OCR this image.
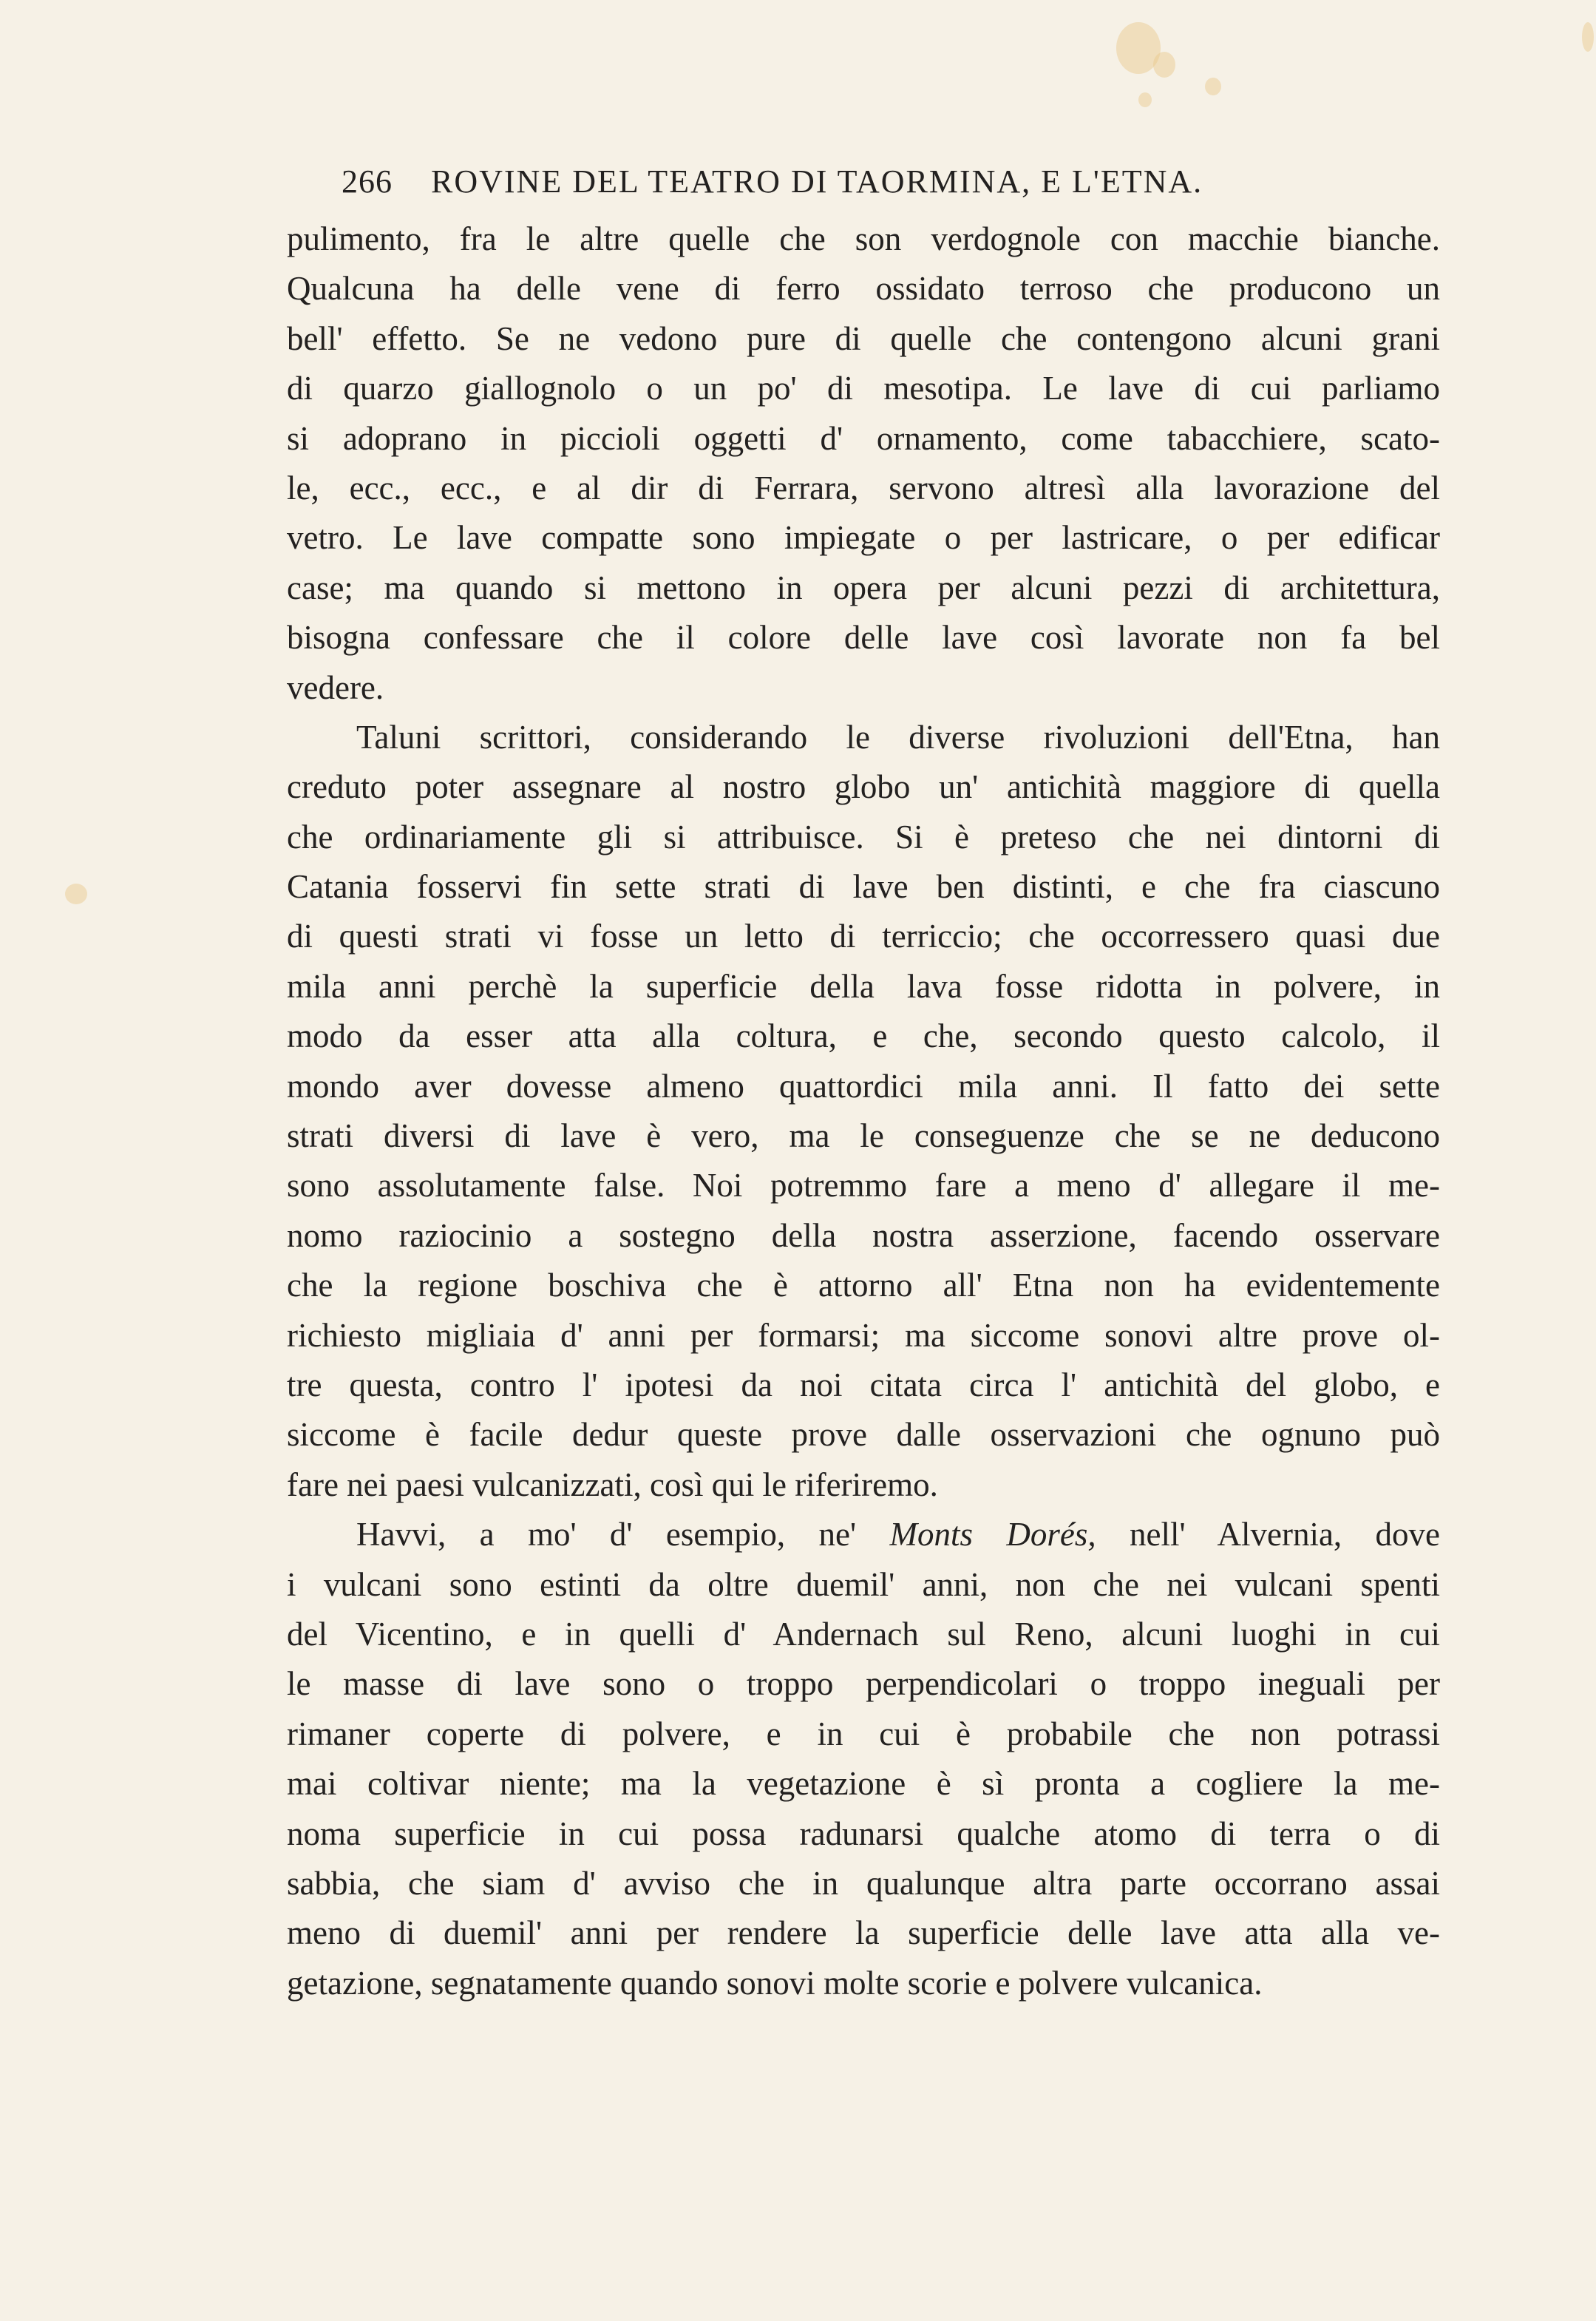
266 ROVINE DEL TEATRO DI TAORMINA, E L'ETNA.
pulimento, fra le altre quelle che son verdognole con macchie bianche.
Qualcuna ha delle vene di ferro ossidato terroso che producono un
bell' effetto. Se ne vedono pure di quelle che contengono alcuni grani
di quarzo giallognolo o un po' di mesotipa. Le lave di cui parliamo
si adoprano in piccioli oggetti d' ornamento, come tabacchiere, scato-
le, ecc., ecc., e al dir di Ferrara, servono altresì alla lavorazione del
vetro. Le lave compatte sono impiegate o per lastricare, o per edificar
case; ma quando si mettono in opera per alcuni pezzi di architettura,
bisogna confessare che il colore delle lave così lavorate non fa bel
vedere.
Taluni scrittori, considerando le diverse rivoluzioni dell'Etna, han
creduto poter assegnare al nostro globo un' antichità maggiore di quella
che ordinariamente gli si attribuisce. Si è preteso che nei dintorni di
Catania fosservi fin sette strati di lave ben distinti, e che fra ciascuno
di questi strati vi fosse un letto di terriccio; che occorressero quasi due
mila anni perchè la superficie della lava fosse ridotta in polvere, in
modo da esser atta alla coltura, e che, secondo questo calcolo, il
mondo aver dovesse almeno quattordici mila anni. Il fatto dei sette
strati diversi di lave è vero, ma le conseguenze che se ne deducono
sono assolutamente false. Noi potremmo fare a meno d' allegare il me-
nomo raziocinio a sostegno della nostra asserzione, facendo osservare
che la regione boschiva che è attorno all' Etna non ha evidentemente
richiesto migliaia d' anni per formarsi; ma siccome sonovi altre prove ol-
tre questa, contro l' ipotesi da noi citata circa l' antichità del globo, e
siccome è facile dedur queste prove dalle osservazioni che ognuno può
fare nei paesi vulcanizzati, così qui le riferiremo.
Havvi, a mo' d' esempio, ne' Monts Dorés, nell' Alvernia, dove
i vulcani sono estinti da oltre duemil' anni, non che nei vulcani spenti
del Vicentino, e in quelli d' Andernach sul Reno, alcuni luoghi in cui
le masse di lave sono o troppo perpendicolari o troppo ineguali per
rimaner coperte di polvere, e in cui è probabile che non potrassi
mai coltivar niente; ma la vegetazione è sì pronta a cogliere la me-
noma superficie in cui possa radunarsi qualche atomo di terra o di
sabbia, che siam d' avviso che in qualunque altra parte occorrano assai
meno di duemil' anni per rendere la superficie delle lave atta alla ve-
getazione, segnatamente quando sonovi molte scorie e polvere vulcanica.
